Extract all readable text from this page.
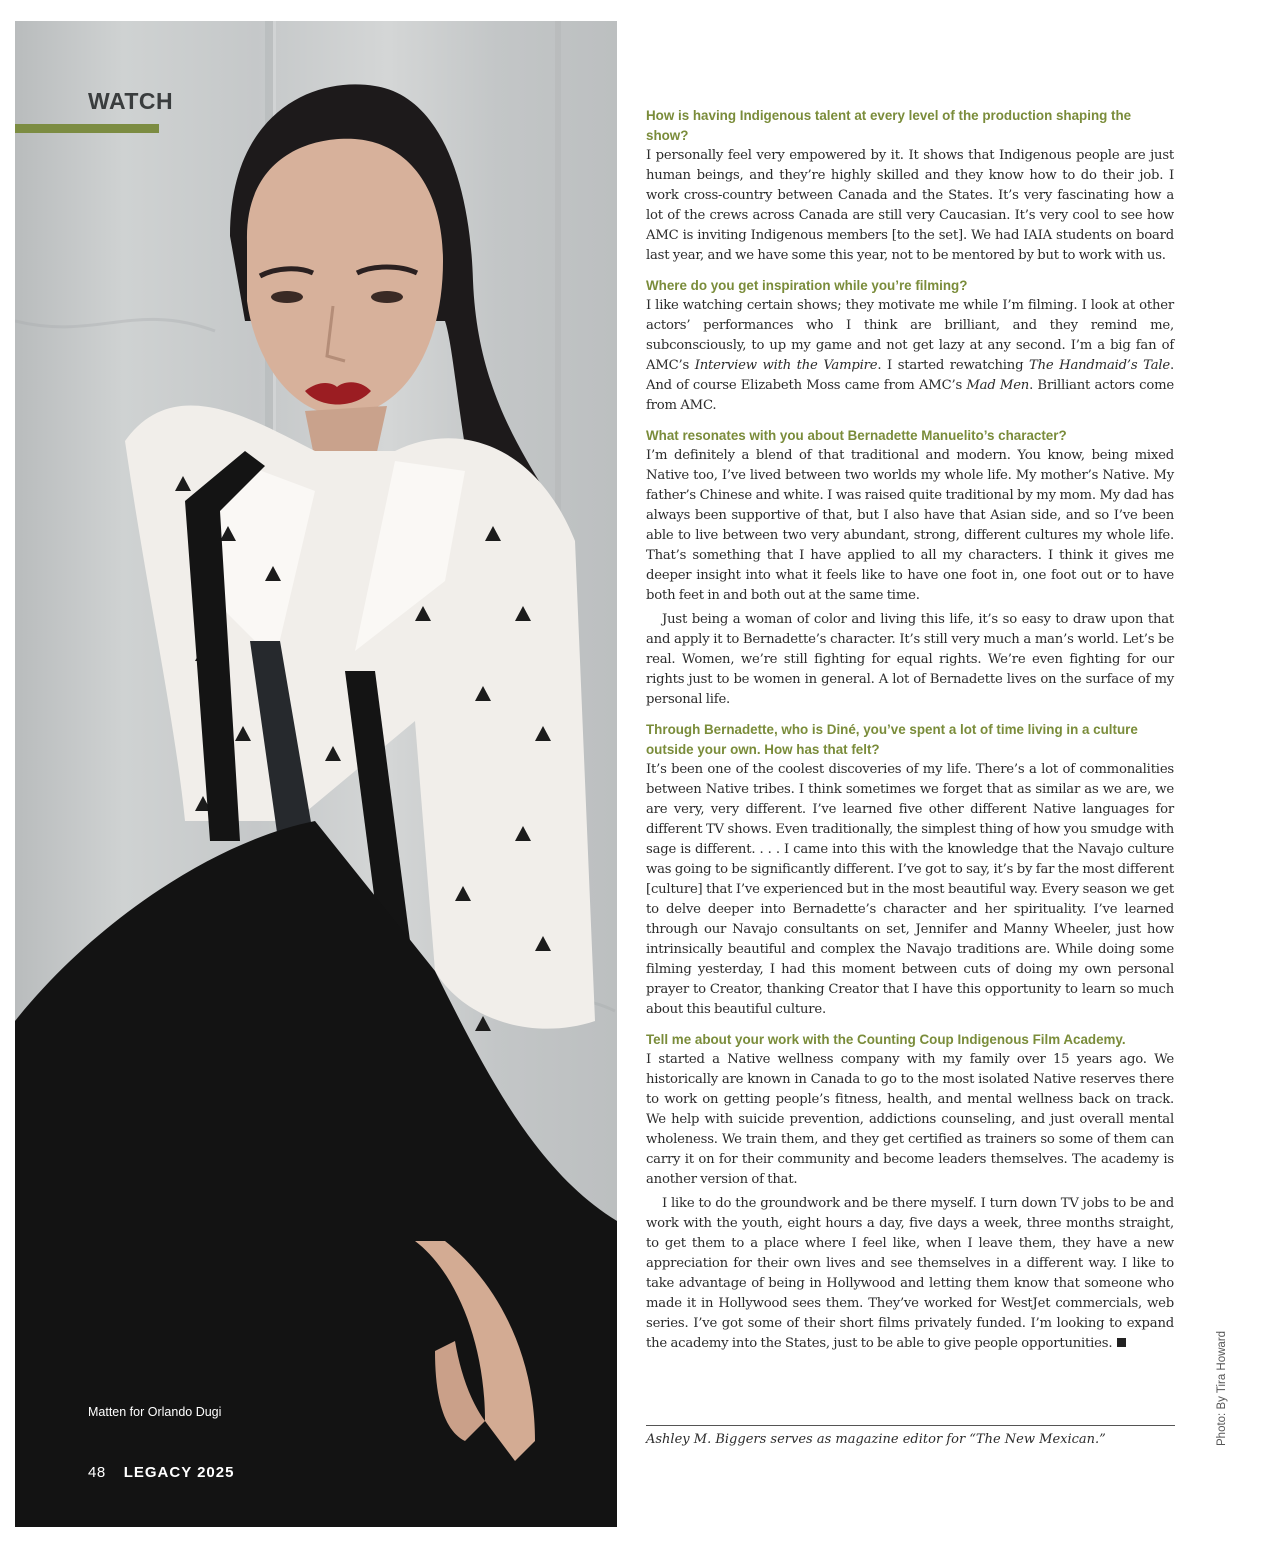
WATCH
Matten for Orlando Dugi
48 LEGACY 2025

How is having Indigenous talent at every level of the production shaping the show?

I personally feel very empowered by it. It shows that Indigenous people are just human beings, and they’re highly skilled and they know how to do their job. I work cross-country between Canada and the States. It’s very fascinating how a lot of the crews across Canada are still very Caucasian. It’s very cool to see how AMC is inviting Indigenous members [to the set]. We had IAIA students on board last year, and we have some this year, not to be mentored by but to work with us.

Where do you get inspiration while you’re filming?

I like watching certain shows; they motivate me while I’m filming. I look at other actors’ performances who I think are brilliant, and they remind me, subconsciously, to up my game and not get lazy at any second. I’m a big fan of AMC’s Interview with the Vampire. I started rewatching The Handmaid’s Tale. And of course Elizabeth Moss came from AMC’s Mad Men. Brilliant actors come from AMC.

What resonates with you about Bernadette Manuelito’s character?

I’m definitely a blend of that traditional and modern. You know, being mixed Native too, I’ve lived between two worlds my whole life. My mother’s Native. My father’s Chinese and white. I was raised quite traditional by my mom. My dad has always been supportive of that, but I also have that Asian side, and so I’ve been able to live between two very abundant, strong, different cultures my whole life. That’s something that I have applied to all my characters. I think it gives me deeper insight into what it feels like to have one foot in, one foot out or to have both feet in and both out at the same time.

Just being a woman of color and living this life, it’s so easy to draw upon that and apply it to Bernadette’s character. It’s still very much a man’s world. Let’s be real. Women, we’re still fighting for equal rights. We’re even fighting for our rights just to be women in general. A lot of Bernadette lives on the surface of my personal life.

Through Bernadette, who is Diné, you’ve spent a lot of time living in a culture outside your own. How has that felt?

It’s been one of the coolest discoveries of my life. There’s a lot of commonalities between Native tribes. I think sometimes we forget that as similar as we are, we are very, very different. I’ve learned five other different Native languages for different TV shows. Even traditionally, the simplest thing of how you smudge with sage is different. . . . I came into this with the knowledge that the Navajo culture was going to be significantly different. I’ve got to say, it’s by far the most different [culture] that I’ve experienced but in the most beautiful way. Every season we get to delve deeper into Bernadette’s character and her spirituality. I’ve learned through our Navajo consultants on set, Jennifer and Manny Wheeler, just how intrinsically beautiful and complex the Navajo traditions are. While doing some filming yesterday, I had this moment between cuts of doing my own personal prayer to Creator, thanking Creator that I have this opportunity to learn so much about this beautiful culture.

Tell me about your work with the Counting Coup Indigenous Film Academy.

I started a Native wellness company with my family over 15 years ago. We historically are known in Canada to go to the most isolated Native reserves there to work on getting people’s fitness, health, and mental wellness back on track. We help with suicide prevention, addictions counseling, and just overall mental wholeness. We train them, and they get certified as trainers so some of them can carry it on for their community and become leaders themselves. The academy is another version of that.

I like to do the groundwork and be there myself. I turn down TV jobs to be and work with the youth, eight hours a day, five days a week, three months straight, to get them to a place where I feel like, when I leave them, they have a new appreciation for their own lives and see themselves in a different way. I like to take advantage of being in Hollywood and letting them know that someone who made it in Hollywood sees them. They’ve worked for WestJet commercials, web series. I’ve got some of their short films privately funded. I’m looking to expand the academy into the States, just to be able to give people opportunities.

Ashley M. Biggers serves as magazine editor for “The New Mexican.”	Photo: By Tira Howard
